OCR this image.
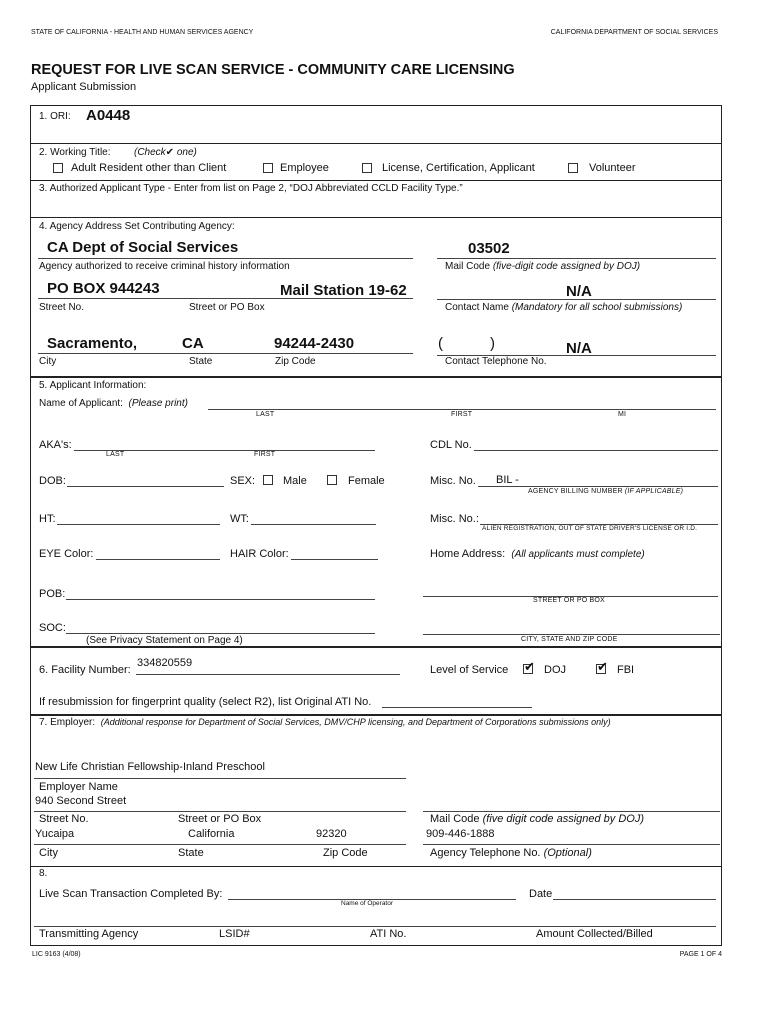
STATE OF CALIFORNIA - HEALTH AND HUMAN SERVICES AGENCY	CALIFORNIA DEPARTMENT OF SOCIAL SERVICES
REQUEST FOR LIVE SCAN SERVICE - COMMUNITY CARE LICENSING
Applicant Submission
1. ORI: A0448
2. Working Title: (Check✔ one)
Adult Resident other than Client	Employee	License, Certification, Applicant	Volunteer
3. Authorized Applicant Type - Enter from list on Page 2, “DOJ Abbreviated CCLD Facility Type.”
4. Agency Address Set Contributing Agency:
CA Dept of Social Services
Agency authorized to receive criminal history information
03502
Mail Code (five-digit code assigned by DOJ)
PO BOX 944243	Mail Station 19-62
Street No.	Street or PO Box
N/A
Contact Name (Mandatory for all school submissions)
Sacramento,	CA	94244-2430
City	State	Zip Code
(	)	N/A
Contact Telephone No.
5. Applicant Information:
Name of Applicant: (Please print)
LAST	FIRST	MI
AKA's:
LAST	FIRST
CDL No.
DOB:	SEX:	Male	Female	Misc. No. BIL -
AGENCY BILLING NUMBER (IF APPLICABLE)
HT:	WT:	Misc. No.:
ALIEN REGISTRATION, OUT OF STATE DRIVER'S LICENSE OR I.D.
EYE Color:	HAIR Color:	Home Address: (All applicants must complete)
POB:
STREET OR PO BOX
SOC:
(See Privacy Statement on Page 4)	CITY, STATE AND ZIP CODE
6. Facility Number:
334820559
Level of Service ✔ DOJ ✔ FBI
If resubmission for fingerprint quality (select R2), list Original ATI No.
7. Employer: (Additional response for Department of Social Services, DMV/CHP licensing, and Department of Corporations submissions only)
New Life Christian Fellowship-Inland Preschool
Employer Name
940 Second Street
Street No.	Street or PO Box	Mail Code (five digit code assigned by DOJ)
Yucaipa	California	92320	909-446-1888
City	State	Zip Code	Agency Telephone No. (Optional)
8.
Live Scan Transaction Completed By:
Name of Operator
Date
Transmitting Agency	LSID#	ATI No.	Amount Collected/Billed
LIC 9163 (4/08)	PAGE 1 OF 4
